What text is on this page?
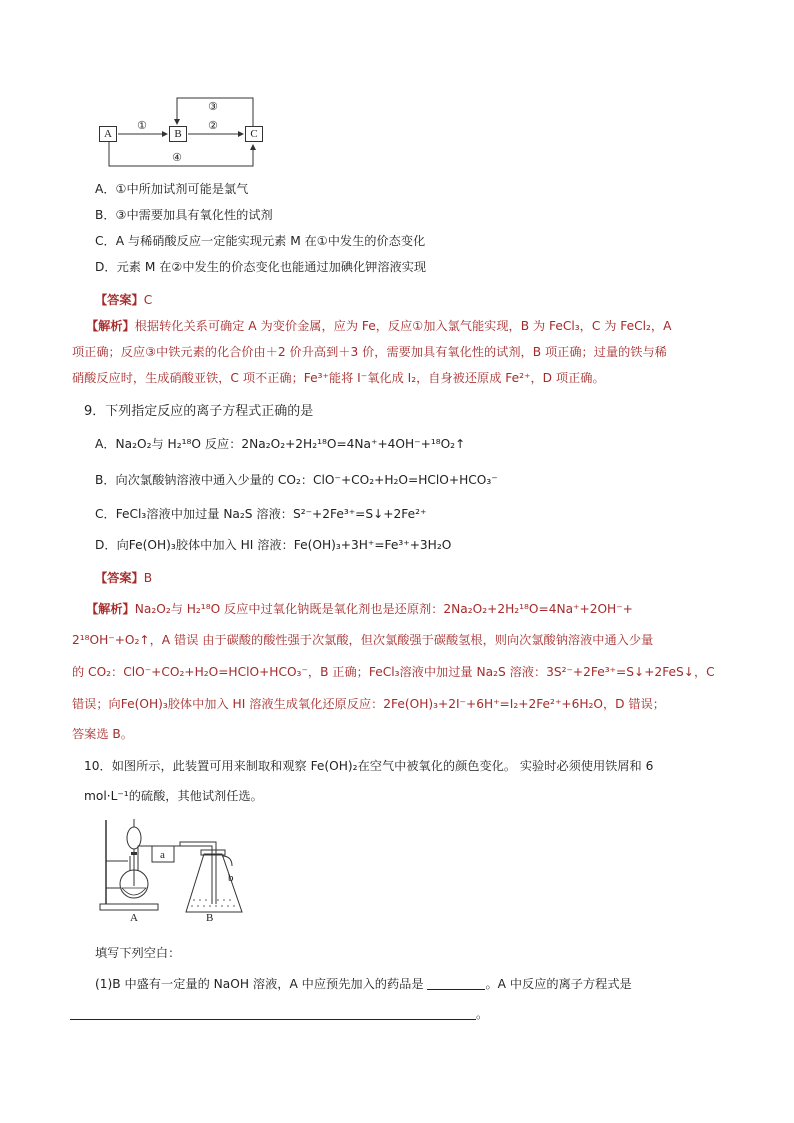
A	B	C
①	②
③
④
A．①中所加试剂可能是氯气
B．③中需要加具有氧化性的试剂
C．A 与稀硝酸反应一定能实现元素 M 在①中发生的价态变化
D．元素 M 在②中发生的价态变化也能通过加碘化钾溶液实现
【答案】C
【解析】根据转化关系可确定 A 为变价金属，应为 Fe，反应①加入氯气能实现，B 为 FeCl₃，C 为 FeCl₂，A
项正确；反应③中铁元素的化合价由＋2 价升高到＋3 价，需要加具有氧化性的试剂，B 项正确；过量的铁与稀
硝酸反应时，生成硝酸亚铁，C 项不正确；Fe³⁺能将 I⁻氧化成 I₂，自身被还原成 Fe²⁺，D 项正确。
9．下列指定反应的离子方程式正确的是
A．Na₂O₂与 H₂¹⁸O 反应：2Na₂O₂+2H₂¹⁸O=4Na⁺+4OH⁻+¹⁸O₂↑
B．向次氯酸钠溶液中通入少量的 CO₂：ClO⁻+CO₂+H₂O=HClO+HCO₃⁻
C．FeCl₃溶液中加过量 Na₂S 溶液：S²⁻+2Fe³⁺=S↓+2Fe²⁺
D．向Fe(OH)₃胶体中加入 HI 溶液：Fe(OH)₃+3H⁺=Fe³⁺+3H₂O
【答案】B
【解析】Na₂O₂与 H₂¹⁸O 反应中过氧化钠既是氧化剂也是还原剂：2Na₂O₂+2H₂¹⁸O=4Na⁺+2OH⁻+
2¹⁸OH⁻+O₂↑，A 错误 由于碳酸的酸性强于次氯酸，但次氯酸强于碳酸氢根，则向次氯酸钠溶液中通入少量
的 CO₂：ClO⁻+CO₂+H₂O=HClO+HCO₃⁻，B 正确；FeCl₃溶液中加过量 Na₂S 溶液：3S²⁻+2Fe³⁺=S↓+2FeS↓，C
错误；向Fe(OH)₃胶体中加入 HI 溶液生成氧化还原反应：2Fe(OH)₃+2I⁻+6H⁺=I₂+2Fe²⁺+6H₂O，D 错误；
答案选 B。
10．如图所示，此装置可用来制取和观察 Fe(OH)₂在空气中被氧化的颜色变化。 实验时必须使用铁屑和 6
mol·L⁻¹的硫酸，其他试剂任选。
a
b
A	B
填写下列空白：
(1)B 中盛有一定量的 NaOH 溶液，A 中应预先加入的药品是	。A 中反应的离子方程式是
。
